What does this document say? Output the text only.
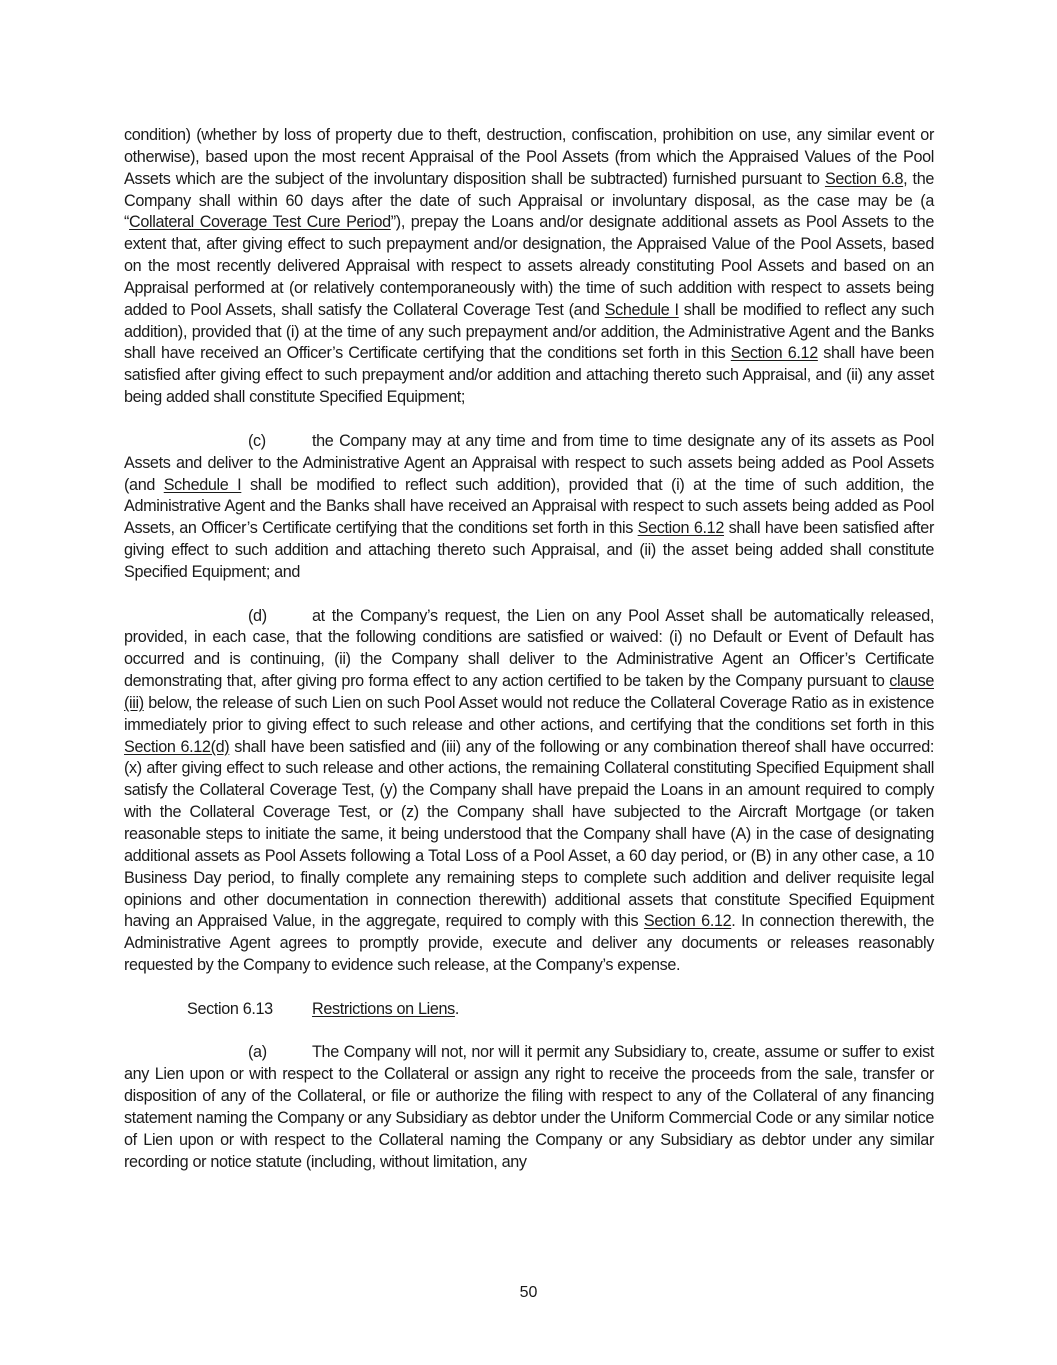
condition) (whether by loss of property due to theft, destruction, confiscation, prohibition on use, any similar event or otherwise), based upon the most recent Appraisal of the Pool Assets (from which the Appraised Values of the Pool Assets which are the subject of the involuntary disposition shall be subtracted) furnished pursuant to Section 6.8, the Company shall within 60 days after the date of such Appraisal or involuntary disposal, as the case may be (a “Collateral Coverage Test Cure Period”), prepay the Loans and/or designate additional assets as Pool Assets to the extent that, after giving effect to such prepayment and/or designation, the Appraised Value of the Pool Assets, based on the most recently delivered Appraisal with respect to assets already constituting Pool Assets and based on an Appraisal performed at (or relatively contemporaneously with) the time of such addition with respect to assets being added to Pool Assets, shall satisfy the Collateral Coverage Test (and Schedule I shall be modified to reflect any such addition), provided that (i) at the time of any such prepayment and/or addition, the Administrative Agent and the Banks shall have received an Officer’s Certificate certifying that the conditions set forth in this Section 6.12 shall have been satisfied after giving effect to such prepayment and/or addition and attaching thereto such Appraisal, and (ii) any asset being added shall constitute Specified Equipment;

(c)	the Company may at any time and from time to time designate any of its assets as Pool Assets and deliver to the Administrative Agent an Appraisal with respect to such assets being added as Pool Assets (and Schedule I shall be modified to reflect such addition), provided that (i) at the time of such addition, the Administrative Agent and the Banks shall have received an Appraisal with respect to such assets being added as Pool Assets, an Officer’s Certificate certifying that the conditions set forth in this Section 6.12 shall have been satisfied after giving effect to such addition and attaching thereto such Appraisal, and (ii) the asset being added shall constitute Specified Equipment; and

(d)	at the Company’s request, the Lien on any Pool Asset shall be automatically released, provided, in each case, that the following conditions are satisfied or waived: (i) no Default or Event of Default has occurred and is continuing, (ii) the Company shall deliver to the Administrative Agent an Officer’s Certificate demonstrating that, after giving pro forma effect to any action certified to be taken by the Company pursuant to clause (iii) below, the release of such Lien on such Pool Asset would not reduce the Collateral Coverage Ratio as in existence immediately prior to giving effect to such release and other actions, and certifying that the conditions set forth in this Section 6.12(d) shall have been satisfied and (iii) any of the following or any combination thereof shall have occurred: (x) after giving effect to such release and other actions, the remaining Collateral constituting Specified Equipment shall satisfy the Collateral Coverage Test, (y) the Company shall have prepaid the Loans in an amount required to comply with the Collateral Coverage Test, or (z) the Company shall have subjected to the Aircraft Mortgage (or taken reasonable steps to initiate the same, it being understood that the Company shall have (A) in the case of designating additional assets as Pool Assets following a Total Loss of a Pool Asset, a 60 day period, or (B) in any other case, a 10 Business Day period, to finally complete any remaining steps to complete such addition and deliver requisite legal opinions and other documentation in connection therewith) additional assets that constitute Specified Equipment having an Appraised Value, in the aggregate, required to comply with this Section 6.12. In connection therewith, the Administrative Agent agrees to promptly provide, execute and deliver any documents or releases reasonably requested by the Company to evidence such release, at the Company’s expense.

Section 6.13 Restrictions on Liens.

(a)	The Company will not, nor will it permit any Subsidiary to, create, assume or suffer to exist any Lien upon or with respect to the Collateral or assign any right to receive the proceeds from the sale, transfer or disposition of any of the Collateral, or file or authorize the filing with respect to any of the Collateral of any financing statement naming the Company or any Subsidiary as debtor under the Uniform Commercial Code or any similar notice of Lien upon or with respect to the Collateral naming the Company or any Subsidiary as debtor under any similar recording or notice statute (including, without limitation, any

50
